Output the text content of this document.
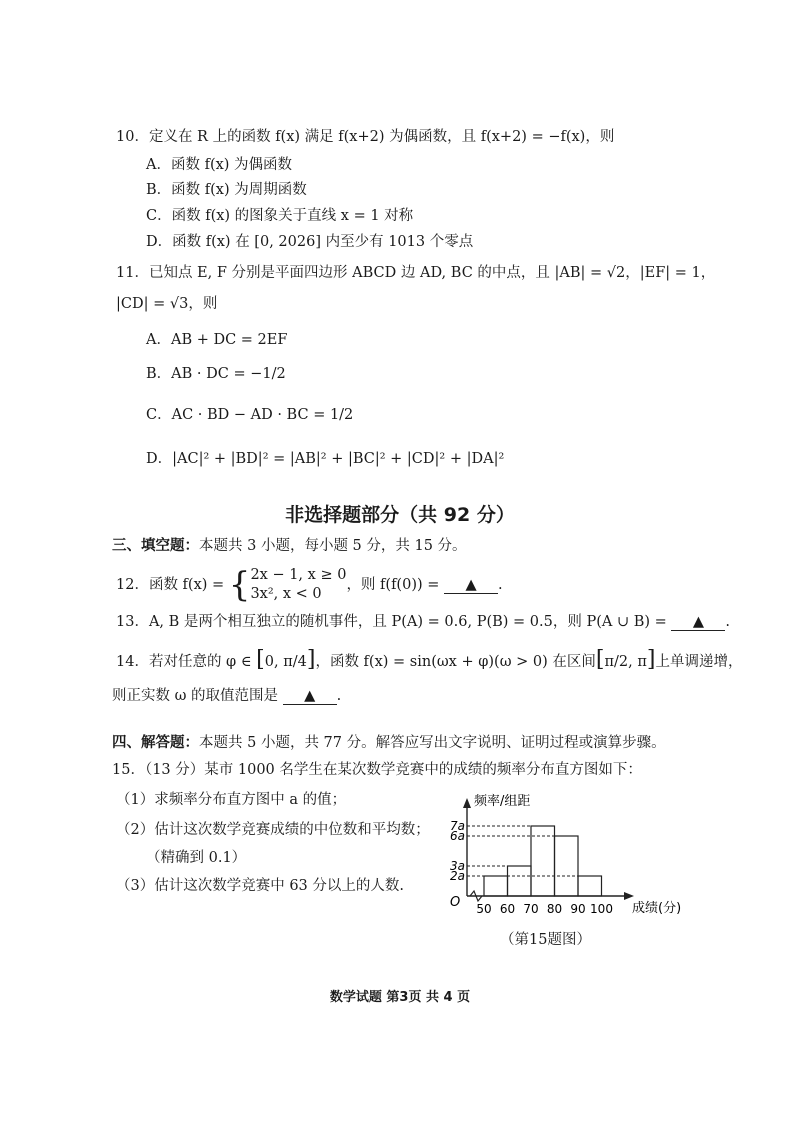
10．定义在 R 上的函数 f(x) 满足 f(x+2) 为偶函数，且 f(x+2) = −f(x)，则
A．函数 f(x) 为偶函数
B．函数 f(x) 为周期函数
C．函数 f(x) 的图象关于直线 x = 1 对称
D．函数 f(x) 在 [0, 2026] 内至少有 1013 个零点
11．已知点 E, F 分别是平面四边形 ABCD 边 AD, BC 的中点，且 |AB| = √2，|EF| = 1，
|CD| = √3，则
A．AB + DC = 2EF
B．AB · DC = −1/2
C．AC · BD − AD · BC = 1/2
D．|AC|² + |BD|² = |AB|² + |BC|² + |CD|² + |DA|²
非选择题部分（共 92 分）
三、填空题：本题共 3 小题，每小题 5 分，共 15 分。
12．函数 f(x) = { 2x − 1, x ≥ 0
3x², x < 0
，则 f(f(0)) = ▲ .
13．A, B 是两个相互独立的随机事件，且 P(A) = 0.6, P(B) = 0.5，则 P(A ∪ B) = ▲ .
14．若对任意的 φ ∈ [0, π/4]，函数 f(x) = sin(ωx + φ)(ω > 0) 在区间[π/2, π]上单调递增，
则正实数 ω 的取值范围是 ▲ .
四、解答题：本题共 5 小题，共 77 分。解答应写出文字说明、证明过程或演算步骤。
15．（13 分）某市 1000 名学生在某次数学竞赛中的成绩的频率分布直方图如下：
（1）求频率分布直方图中 a 的值；
（2）估计这次数学竞赛成绩的中位数和平均数；
（精确到 0.1）
（3）估计这次数学竞赛中 63 分以上的人数.
2a
3a
6a
7a
50 60 70 80 90 100
频率/组距
成绩(分)
O
（第15题图）
数学试题 第3页 共 4 页
